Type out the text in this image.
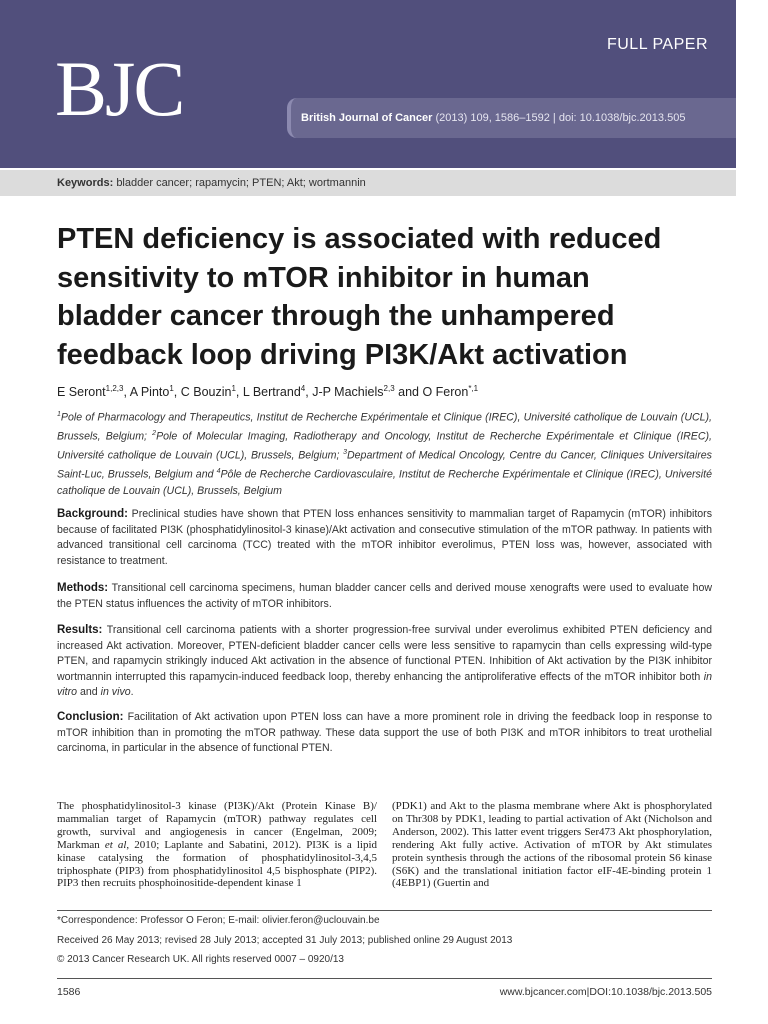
BJC
FULL PAPER
British Journal of Cancer (2013) 109, 1586–1592 | doi: 10.1038/bjc.2013.505
Keywords: bladder cancer; rapamycin; PTEN; Akt; wortmannin
PTEN deficiency is associated with reduced
sensitivity to mTOR inhibitor in human
bladder cancer through the unhampered
feedback loop driving PI3K/Akt activation
E Seront$^{1,2,3}$, A Pinto$^1$, C Bouzin$^1$, L Bertrand$^4$, J-P Machiels$^{2,3}$ and O Feron$^{*,1}$
$^1$Pole of Pharmacology and Therapeutics, Institut de Recherche Expérimentale et Clinique (IREC), Université catholique de Louvain (UCL), Brussels, Belgium; $^2$Pole of Molecular Imaging, Radiotherapy and Oncology, Institut de Recherche Expérimentale et Clinique (IREC), Université catholique de Louvain (UCL), Brussels, Belgium; $^3$Department of Medical Oncology, Centre du Cancer, Cliniques Universitaires Saint-Luc, Brussels, Belgium and $^4$Pôle de Recherche Cardiovasculaire, Institut de Recherche Expérimentale et Clinique (IREC), Université catholique de Louvain (UCL), Brussels, Belgium
Background: Preclinical studies have shown that PTEN loss enhances sensitivity to mammalian target of Rapamycin (mTOR) inhibitors because of facilitated PI3K (phosphatidylinositol-3 kinase)/Akt activation and consecutive stimulation of the mTOR pathway. In patients with advanced transitional cell carcinoma (TCC) treated with the mTOR inhibitor everolimus, PTEN loss was, however, associated with resistance to treatment.
Methods: Transitional cell carcinoma specimens, human bladder cancer cells and derived mouse xenografts were used to evaluate how the PTEN status influences the activity of mTOR inhibitors.
Results: Transitional cell carcinoma patients with a shorter progression-free survival under everolimus exhibited PTEN deficiency and increased Akt activation. Moreover, PTEN-deficient bladder cancer cells were less sensitive to rapamycin than cells expressing wild-type PTEN, and rapamycin strikingly induced Akt activation in the absence of functional PTEN. Inhibition of Akt activation by the PI3K inhibitor wortmannin interrupted this rapamycin-induced feedback loop, thereby enhancing the antiproliferative effects of the mTOR inhibitor both in vitro and in vivo.
Conclusion: Facilitation of Akt activation upon PTEN loss can have a more prominent role in driving the feedback loop in response to mTOR inhibition than in promoting the mTOR pathway. These data support the use of both PI3K and mTOR inhibitors to treat urothelial carcinoma, in particular in the absence of functional PTEN.
The phosphatidylinositol-3 kinase (PI3K)/Akt (Protein Kinase B)/ mammalian target of Rapamycin (mTOR) pathway regulates cell growth, survival and angiogenesis in cancer (Engelman, 2009; Markman et al, 2010; Laplante and Sabatini, 2012). PI3K is a lipid kinase catalysing the formation of phosphatidylinositol-3,4,5 triphosphate (PIP3) from phosphatidylinositol 4,5 bisphosphate (PIP2). PIP3 then recruits phosphoinositide-dependent kinase 1
(PDK1) and Akt to the plasma membrane where Akt is phosphorylated on Thr308 by PDK1, leading to partial activation of Akt (Nicholson and Anderson, 2002). This latter event triggers Ser473 Akt phosphorylation, rendering Akt fully active. Activation of mTOR by Akt stimulates protein synthesis through the actions of the ribosomal protein S6 kinase (S6K) and the translational initiation factor eIF-4E-binding protein 1 (4EBP1) (Guertin and
*Correspondence: Professor O Feron; E-mail: olivier.feron@uclouvain.be
Received 26 May 2013; revised 28 July 2013; accepted 31 July 2013; published online 29 August 2013
© 2013 Cancer Research UK. All rights reserved 0007 – 0920/13
1586	www.bjcancer.com|DOI:10.1038/bjc.2013.505
